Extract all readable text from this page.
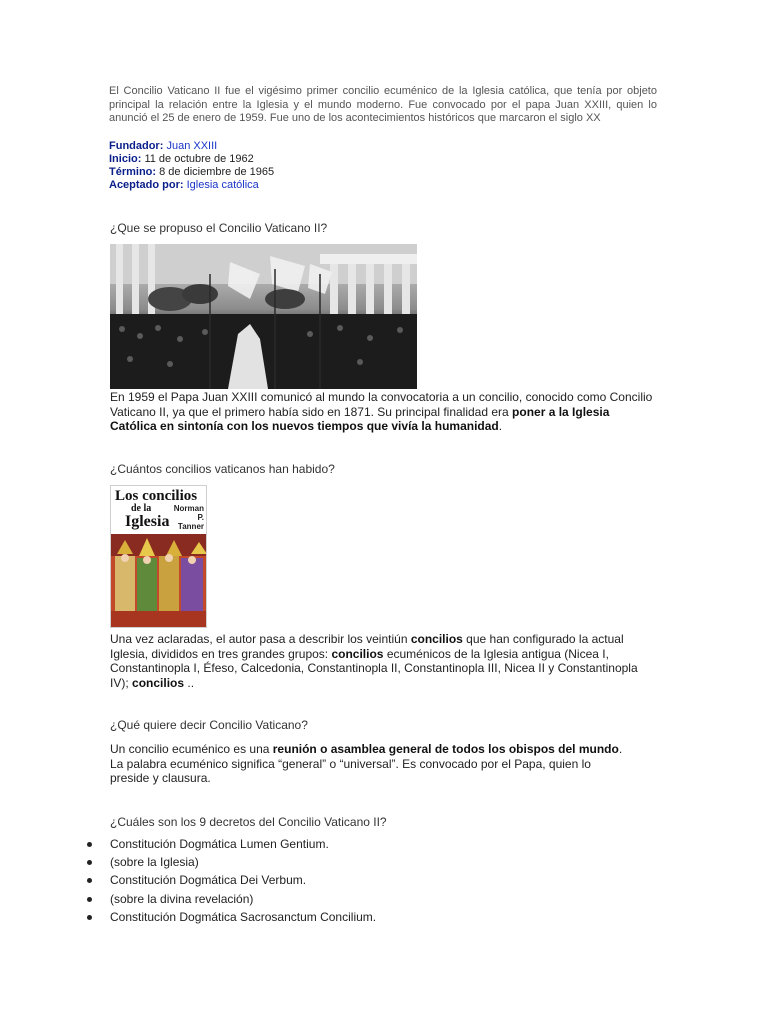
El Concilio Vaticano II fue el vigésimo primer concilio ecuménico de la Iglesia católica, que tenía por objeto principal la relación entre la Iglesia y el mundo moderno. Fue convocado por el papa Juan XXIII, quien lo anunció el 25 de enero de 1959. Fue uno de los acontecimientos históricos que marcaron el siglo XX
Fundador: Juan XXIII
Inicio: 11 de octubre de 1962
Término: 8 de diciembre de 1965
Aceptado por: Iglesia católica
¿Que se propuso el Concilio Vaticano II?
En 1959 el Papa Juan XXIII comunicó al mundo la convocatoria a un concilio, conocido como Concilio Vaticano II, ya que el primero había sido en 1871. Su principal finalidad era poner a la Iglesia Católica en sintonía con los nuevos tiempos que vivía la humanidad.
¿Cuántos concilios vaticanos han habido?
Los concilios
de la
Iglesia
Norman P. Tanner
Una vez aclaradas, el autor pasa a describir los veintiún concilios que han configurado la actual Iglesia, divididos en tres grandes grupos: concilios ecuménicos de la Iglesia antigua (Nicea I, Constantinopla I, Éfeso, Calcedonia, Constantinopla II, Constantinopla III, Nicea II y Constantinopla IV); concilios ..
¿Qué quiere decir Concilio Vaticano?
Un concilio ecuménico es una reunión o asamblea general de todos los obispos del mundo. La palabra ecuménico significa “general” o “universal”. Es convocado por el Papa, quien lo preside y clausura.
¿Cuáles son los 9 decretos del Concilio Vaticano II?
Constitución Dogmática Lumen Gentium.
(sobre la Iglesia)
Constitución Dogmática Dei Verbum.
(sobre la divina revelación)
Constitución Dogmática Sacrosanctum Concilium.
